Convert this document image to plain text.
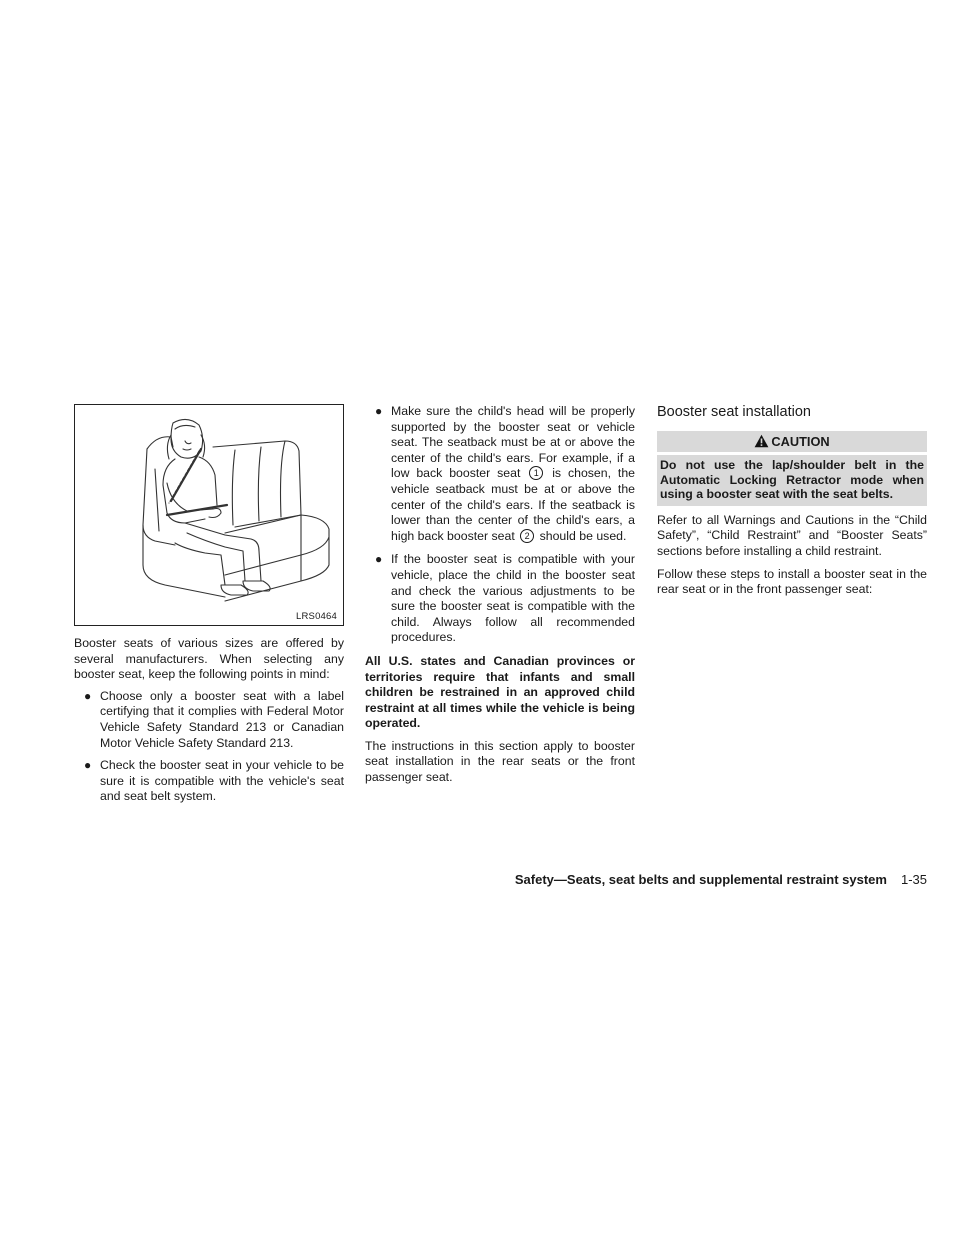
LRS0464

Booster seats of various sizes are offered by several manufacturers. When selecting any booster seat, keep the following points in mind:

● Choose only a booster seat with a label certifying that it complies with Federal Motor Vehicle Safety Standard 213 or Canadian Motor Vehicle Safety Standard 213.
● Check the booster seat in your vehicle to be sure it is compatible with the vehicle's seat and seat belt system.
● Make sure the child's head will be properly supported by the booster seat or vehicle seat. The seatback must be at or above the center of the child's ears. For example, if a low back booster seat 1 is chosen, the vehicle seatback must be at or above the center of the child's ears. If the seatback is lower than the center of the child's ears, a high back booster seat 2 should be used.
● If the booster seat is compatible with your vehicle, place the child in the booster seat and check the various adjustments to be sure the booster seat is compatible with the child. Always follow all recommended procedures.

All U.S. states and Canadian provinces or territories require that infants and small children be restrained in an approved child restraint at all times while the vehicle is being operated.

The instructions in this section apply to booster seat installation in the rear seats or the front passenger seat.

Booster seat installation
CAUTION
Do not use the lap/shoulder belt in the Automatic Locking Retractor mode when using a booster seat with the seat belts.

Refer to all Warnings and Cautions in the “Child Safety”, “Child Restraint” and “Booster Seats” sections before installing a child restraint.

Follow these steps to install a booster seat in the rear seat or in the front passenger seat:

Safety—Seats, seat belts and supplemental restraint system 1-35
